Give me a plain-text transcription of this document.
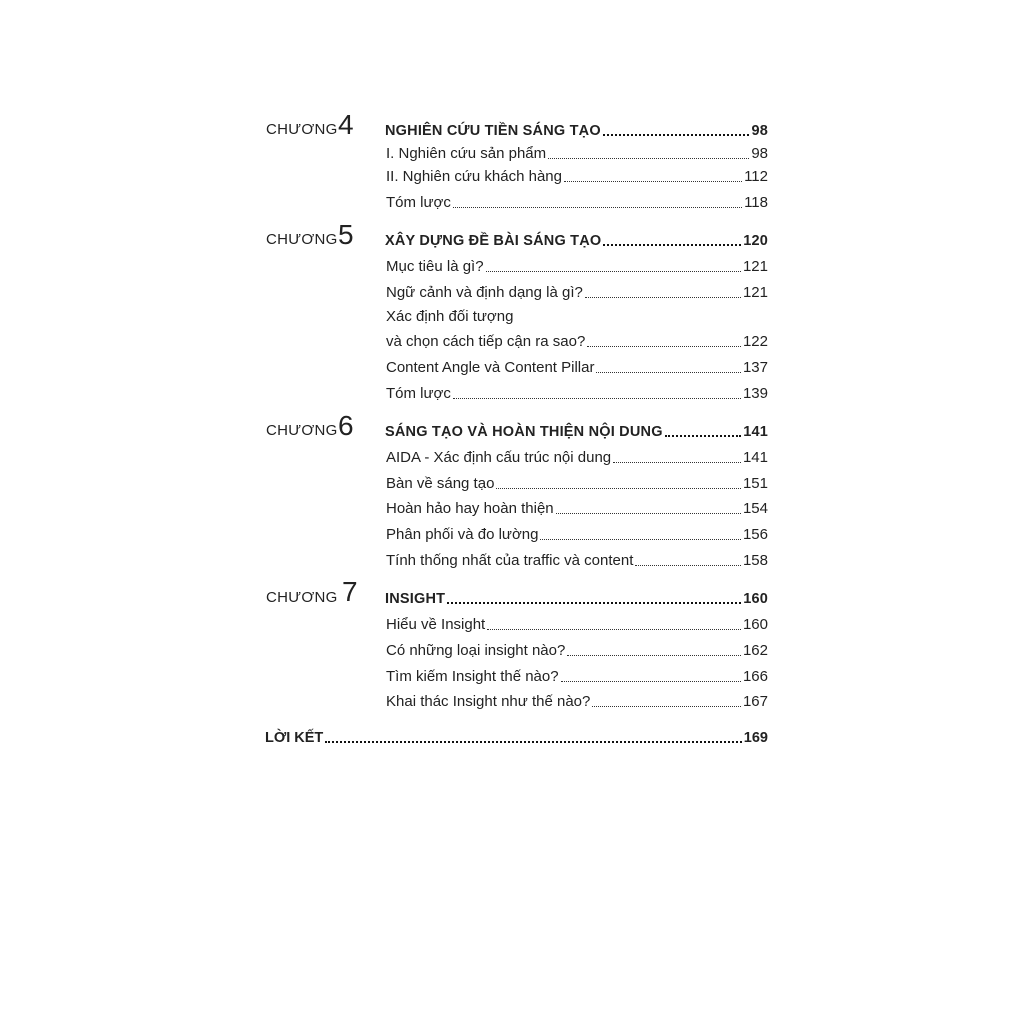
CHƯƠNG 4 NGHIÊN CỨU TIỀN SÁNG TẠO	98
I. Nghiên cứu sản phẩm	98
II. Nghiên cứu khách hàng	112
Tóm lược	118
CHƯƠNG 5 XÂY DỰNG ĐỀ BÀI SÁNG TẠO	120
Mục tiêu là gì?	121
Ngữ cảnh và định dạng là gì?	121
Xác định đối tượng
và chọn cách tiếp cận ra sao?	122
Content Angle và Content Pillar	137
Tóm lược	139
CHƯƠNG 6 SÁNG TẠO VÀ HOÀN THIỆN NỘI DUNG	141
AIDA - Xác định cấu trúc nội dung	141
Bàn về sáng tạo	151
Hoàn hảo hay hoàn thiện	154
Phân phối và đo lường	156
Tính thống nhất của traffic và content	158
CHƯƠNG 7 INSIGHT	160
Hiểu về Insight	160
Có những loại insight nào?	162
Tìm kiếm Insight thế nào?	166
Khai thác Insight như thế nào?	167
LỜI KẾT	169
